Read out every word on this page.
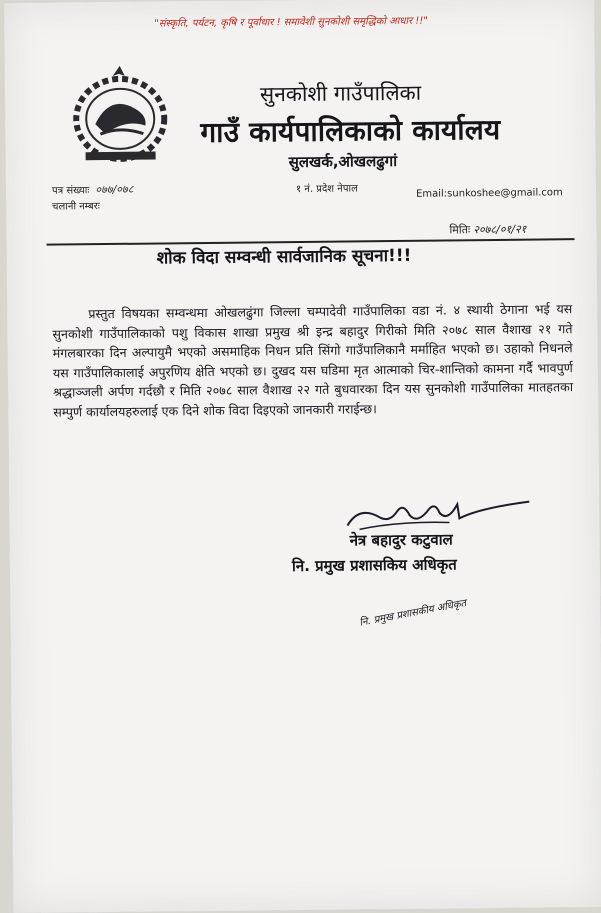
"संस्कृति, पर्यटन, कृषि र पूर्वाधार ! समावेशी सुनकोशी समृद्धिको आधार !!"
सुनकोशी गाउँपालिका
गाउँ कार्यपालिकाको कार्यालय
सुलखर्क,ओखलढुगां
१ नं. प्रदेश नेपाल	Email:sunkoshee@gmail.com
पत्र संख्याः ०७७/०७८
चलानी नम्बरः
मितिः २०७८/०१/२१
शोक विदा सम्वन्धी सार्वजानिक सूचना!!!
प्रस्तुत विषयका सम्वन्धमा ओखलढुंगा जिल्ला चम्पादेवी गाउँपालिका वडा नं. ४ स्थायी ठेगाना भई यस सुनकोशी गाउँपालिकाको पशु विकास शाखा प्रमुख श्री इन्द्र बहादुर गिरीको मिति २०७८ साल वैशाख २१ गते मंगलबारका दिन अल्पायुमै भएको असमाहिक निधन प्रति सिंगो गाउँपालिकानै मर्माहित भएको छ। उहाको निधनले यस गाउँपालिकालाई अपुरणिय क्षेति भएको छ। दुखद यस घडिमा मृत आत्माको चिर-शान्तिको कामना गर्दै भावपुर्ण श्रद्धाञ्जली अर्पण गर्दछौ र मिति २०७८ साल वैशाख २२ गते बुधवारका दिन यस सुनकोशी गाउँपालिका मातहतका सम्पुर्ण कार्यालयहरुलाई एक दिने शोक विदा दिइएको जानकारी गराईन्छ।
नेत्र बहादुर कटुवाल
नि. प्रमुख प्रशासकिय अधिकृत
नि. प्रमुख प्रशासकीय अधिकृत
